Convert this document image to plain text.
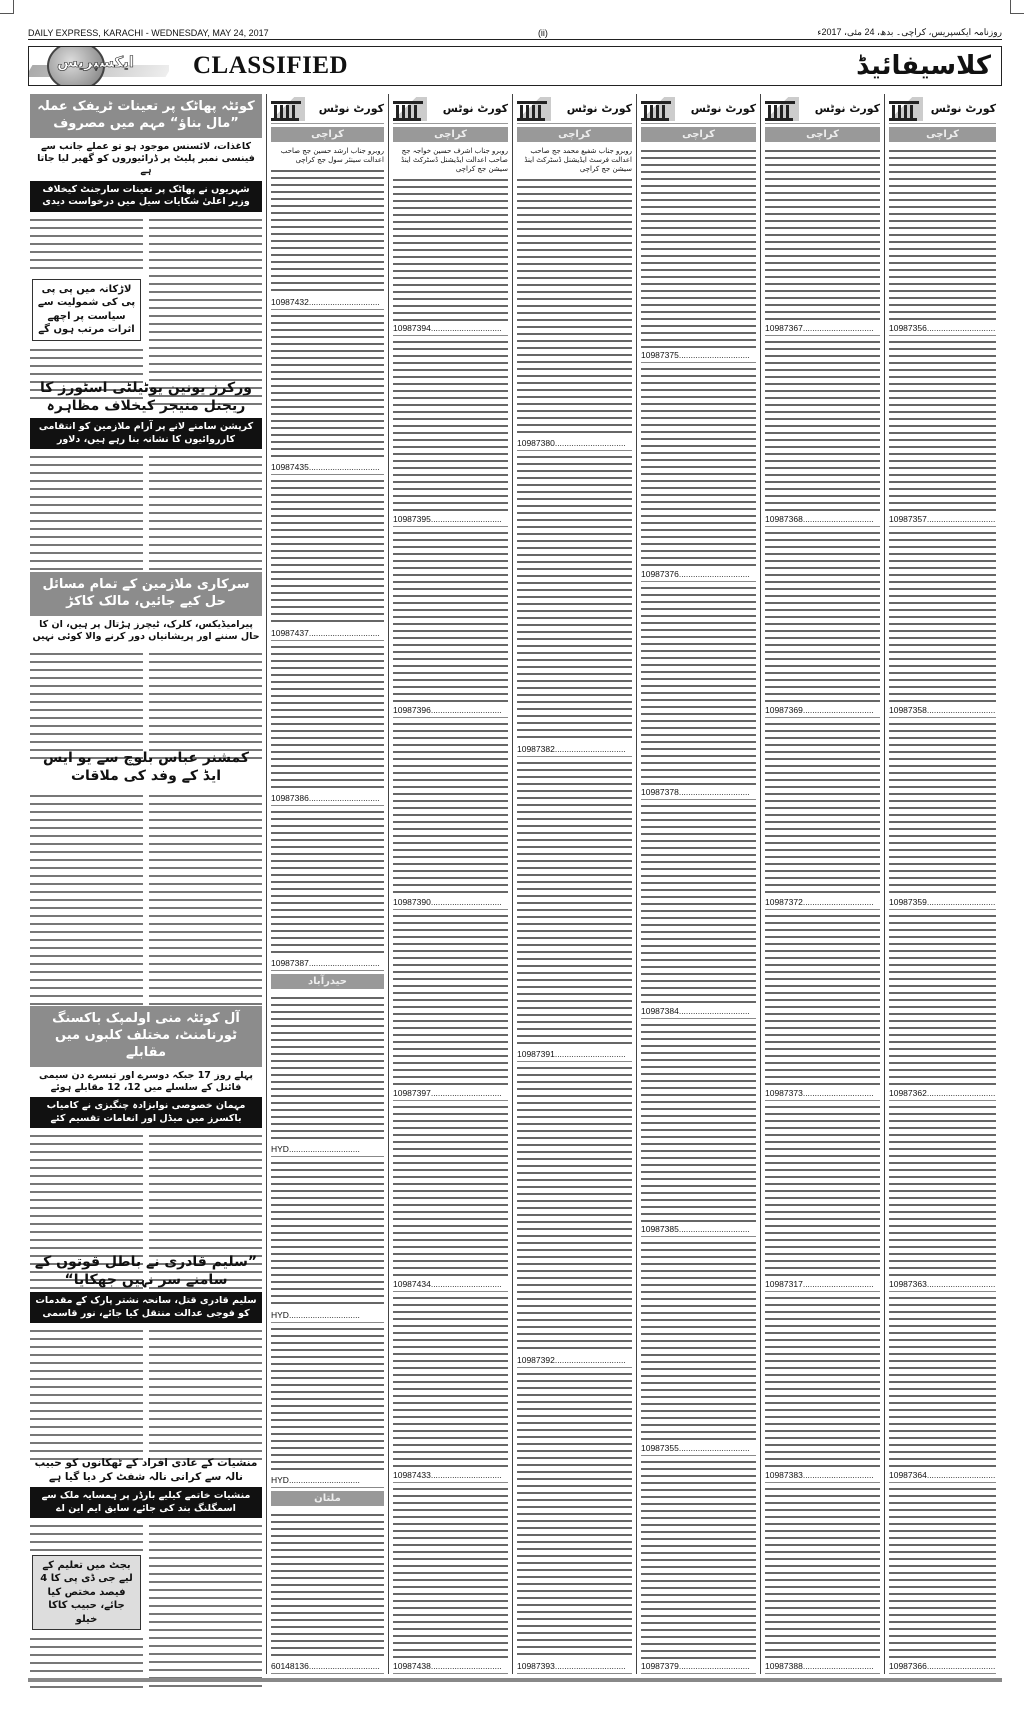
DAILY EXPRESS, KARACHI - WEDNESDAY, MAY 24, 2017	(ii)	روزنامہ ایکسپریس، کراچی۔ بدھ، 24 مئی، 2017ء
ایکسپریس CLASSIFIED	کلاسیفائیڈ
کوئٹہ پھاٹک پر تعینات ٹریفک عملہ ”مال بناؤ“ مہم میں مصروف
کاغذات، لائسنس موجود ہو تو عملے جانب سے فینسی نمبر پلیٹ پر ڈرائیوروں کو گھیر لیا جاتا ہے
شہریوں نے پھاٹک پر تعینات سارجنٹ کیخلاف وزیر اعلیٰ شکایات سیل میں درخواست دیدی
لاڑکانہ میں پی پی پی کی شمولیت سے سیاست پر اچھے اثرات مرتب ہوں گے
ورکرز یونین یوٹیلٹی اسٹورز کا ریجنل منیجر کیخلاف مظاہرہ
کرپشن سامنے لانے پر آرام ملازمین کو انتقامی کارروائیوں کا نشانہ بنا رہے ہیں، دلاور
سرکاری ملازمین کے تمام مسائل حل کیے جائیں، مالک کاکڑ
پیرامیڈیکس، کلرک، ٹیچرز ہڑتال پر ہیں، ان کا حال سننے اور پریشانیاں دور کرنے والا کوئی نہیں
کمشنر عباس بلوچ سے یو ایس ایڈ کے وفد کی ملاقات
آل کوئٹہ منی اولمپک باکسنگ ٹورنامنٹ، مختلف کلبوں میں مقابلے
پہلے روز 17 جبکہ دوسرے اور تیسرے دن سیمی فائنل کے سلسلے میں 12، 12 مقابلے ہوئے
مہمان خصوصی نوابزادہ چنگیزی نے کامیاب باکسرز میں میڈل اور انعامات تقسیم کئے
”سلیم قادری نے باطل قوتوں کے سامنے سر نہیں جھکایا“
سلیم قادری قتل، سانحہ نشتر پارک کے مقدمات کو فوجی عدالت منتقل کیا جائے، نور قاسمی
منشیات کے عادی افراد کے ٹھکانوں کو حبیب نالہ سے کرانی نالہ شفٹ کر دیا گیا ہے
منشیات خاتمے کیلیے بارڈر پر ہمسایہ ملک سے اسمگلنگ بند کی جائے، سابق ایم این اے
بجٹ میں تعلیم کے لیے جی ڈی پی کا 4 فیصد مختص کیا جائے، حبیب کاکا خیلو
کورٹ نوٹس
کراچی
روبرو جناب ارشد حسین جج صاحب اعدالت سینئر سول جج کراچی
10987432 .....
10987435 .....
10987437 .....
10987386 .....
10987387 .....
حیدرآباد
HYD .....
HYD .....
HYD .....
ملتان
60148136 .....
کورٹ نوٹس
کراچی
روبرو جناب اشرف حسین خواجہ جج صاحب اعدالت ایڈیشنل ڈسٹرکٹ اینڈ سیشن جج کراچی
10987394 .....
10987395 .....
10987396 .....
10987390 .....
10987397 .....
10987434 .....
10987433 .....
10987438 .....
کورٹ نوٹس
کراچی
روبرو جناب شفیع محمد جج صاحب اعدالت فرسٹ ایڈیشنل ڈسٹرکٹ اینڈ سیشن جج کراچی
10987380 .....
10987382 .....
10987391 .....
10987392 .....
10987393 .....
کورٹ نوٹس
کراچی
10987375 .....
10987376 .....
10987378 .....
10987384 .....
10987385 .....
10987355 .....
10987379 .....
کورٹ نوٹس
کراچی
10987367 .....
10987368 .....
10987369 .....
10987372 .....
10987373 .....
10987317 .....
10987383 .....
10987388 .....
کورٹ نوٹس
کراچی
10987356 .....
10987357 .....
10987358 .....
10987359 .....
10987362 .....
10987363 .....
10987364 .....
10987366 .....
